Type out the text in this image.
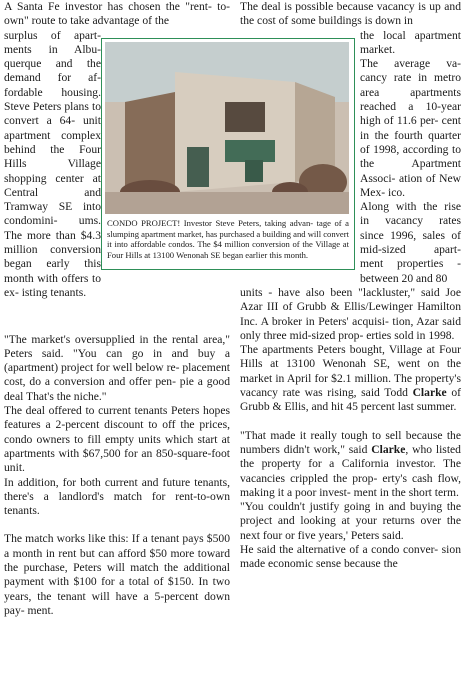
A Santa Fe investor has chosen the "rent- to-own" route to take advantage of the

surplus of apart- ments in Albu- querque and the demand for af- fordable housing. Steve Peters plans to convert a 64- unit apartment complex behind the Four Hills Village shopping center at Central and Tramway SE into condomini- ums. The more than $4.3 million conversion began early this month with offers to ex- isting tenants.

"The market's oversupplied in the rental area," Peters said. "You can go in and buy a (apartment) project for well below re- placement cost, do a conversion and offer pen- pie a good deal That's the niche."

The deal offered to current tenants Peters hopes features a 2-percent discount to off the prices, condo owners to fill empty units which start at apartments with $67,500 for an 850-square-foot unit.

In addition, for both current and future tenants, there's a landlord's match for rent-to-own tenants.

The match works like this: If a tenant pays $500 a month in rent but can afford $50 more toward the purchase, Peters will match the additional payment with $100 for a total of $150. In two years, the tenant will have a 5-percent down pay- ment.

The deal is possible because vacancy is up and the cost of some buildings is down in

the local apartment market.

The average va- cancy rate in metro area apartments reached a 10-year high of 11.6 per- cent in the fourth quarter of 1998, according to the Apartment Associ- ation of New Mex- ico.

Along with the rise in vacancy rates since 1996, sales of mid-sized apart- ment properties - between 20 and 80

units - have also been "lackluster," said Joe Azar III of Grubb & Ellis/Lewinger Hamilton Inc. A broker in Peters' acquisi- tion, Azar said only three mid-sized prop- erties sold in 1998.

The apartments Peters bought, Village at Four Hills at 13100 Wenonah SE, went on the market in April for $2.1 million. The property's vacancy rate was rising, said Todd Clarke of Grubb & Ellis, and hit 45 percent last summer.

"That made it really tough to sell because the numbers didn't work," said Clarke, who listed the property for a California investor. The vacancies crippled the prop- erty's cash flow, making it a poor invest- ment in the short term.

"You couldn't justify going in and buying the project and looking at your returns over the next four or five years,' Peters said.

He said the alternative of a condo conver- sion made economic sense because the

CONDO PROJECT! Investor Steve Peters, taking advan- tage of a slumping apartment market, has purchased a building and will convert it into affordable condos. The $4 million conversion of the Village at Four Hills at 13100 Wenonah SE began earlier this month.
